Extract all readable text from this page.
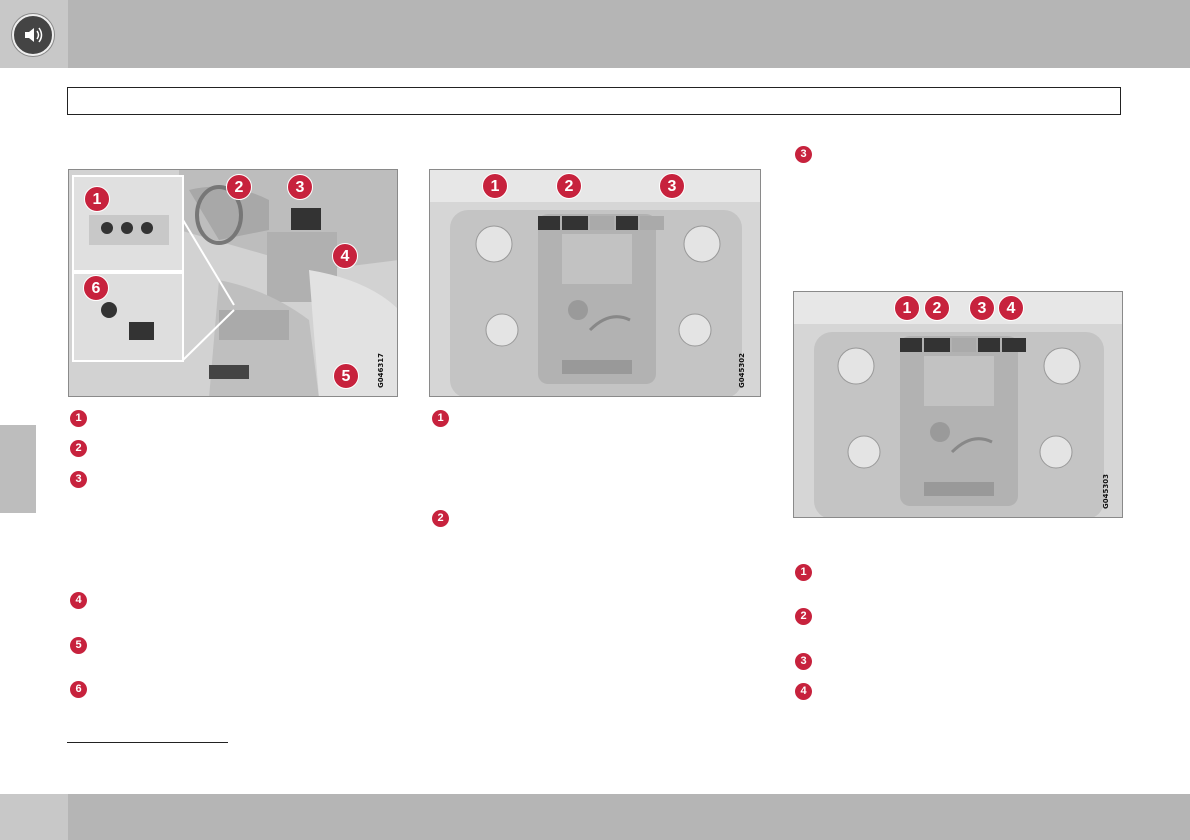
1
2	3
4
5
6
G046317
1	2	3
G045302
1	2	3	4
G045303
1
2
3
4
5
6
1
2
3
1
2
3
4
